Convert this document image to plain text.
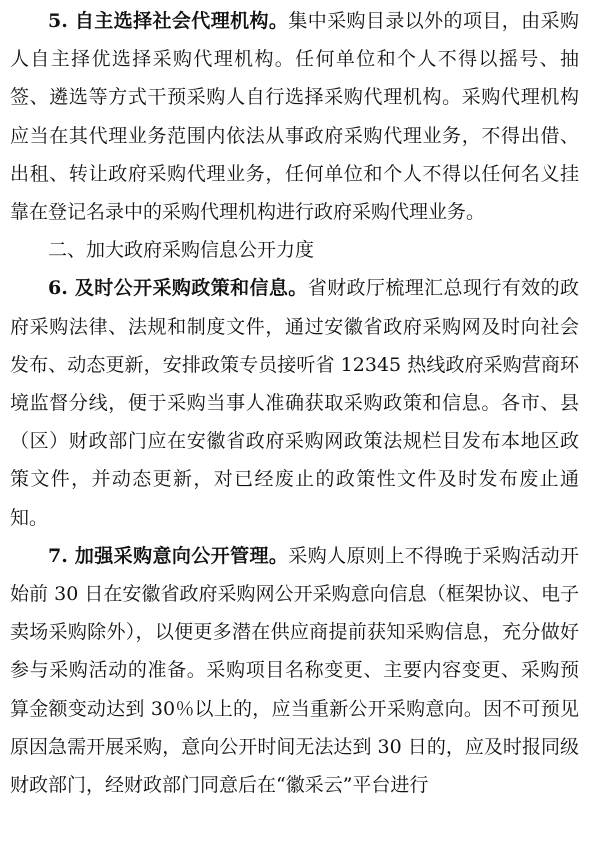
5. 自主选择社会代理机构。集中采购目录以外的项目，由采购人自主择优选择采购代理机构。任何单位和个人不得以摇号、抽签、遴选等方式干预采购人自行选择采购代理机构。采购代理机构应当在其代理业务范围内依法从事政府采购代理业务，不得出借、出租、转让政府采购代理业务，任何单位和个人不得以任何名义挂靠在登记名录中的采购代理机构进行政府采购代理业务。

二、加大政府采购信息公开力度

6. 及时公开采购政策和信息。省财政厅梳理汇总现行有效的政府采购法律、法规和制度文件，通过安徽省政府采购网及时向社会发布、动态更新，安排政策专员接听省 12345 热线政府采购营商环境监督分线，便于采购当事人准确获取采购政策和信息。各市、县（区）财政部门应在安徽省政府采购网政策法规栏目发布本地区政策文件，并动态更新，对已经废止的政策性文件及时发布废止通知。

7. 加强采购意向公开管理。采购人原则上不得晚于采购活动开始前 30 日在安徽省政府采购网公开采购意向信息（框架协议、电子卖场采购除外），以便更多潜在供应商提前获知采购信息，充分做好参与采购活动的准备。采购项目名称变更、主要内容变更、采购预算金额变动达到 30％以上的，应当重新公开采购意向。因不可预见原因急需开展采购，意向公开时间无法达到 30 日的，应及时报同级财政部门，经财政部门同意后在“徽采云”平台进行
